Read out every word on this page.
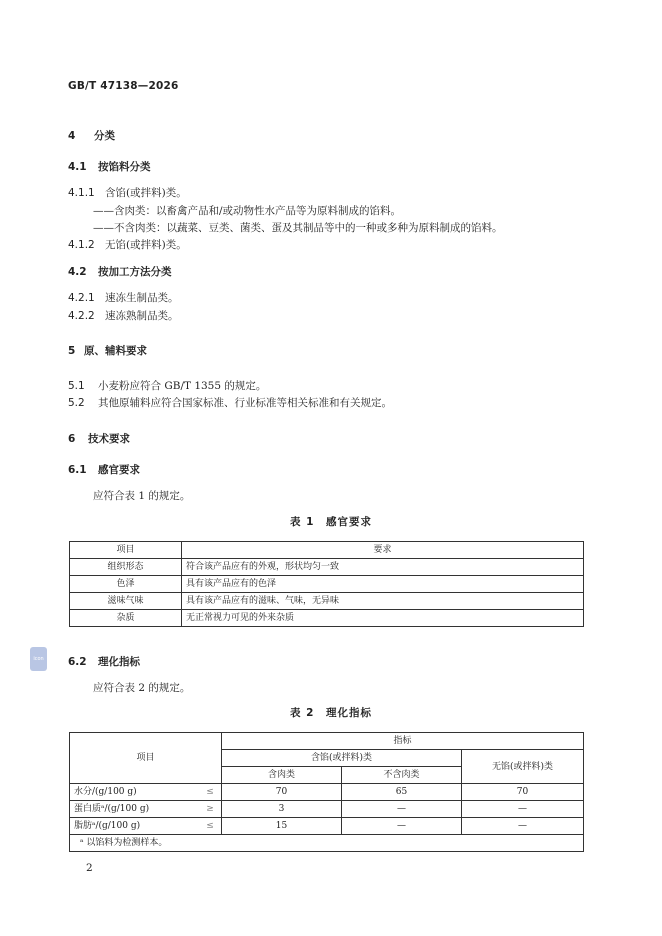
GB/T 47138—2026
4 分类
4.1 按馅料分类
4.1.1 含馅(或拌料)类。
——含肉类：以畜禽产品和/或动物性水产品等为原料制成的馅料。
——不含肉类：以蔬菜、豆类、菌类、蛋及其制品等中的一种或多种为原料制成的馅料。
4.1.2 无馅(或拌料)类。
4.2 按加工方法分类
4.2.1 速冻生制品类。
4.2.2 速冻熟制品类。
5 原、辅料要求
5.1 小麦粉应符合 GB/T 1355 的规定。
5.2 其他原辅料应符合国家标准、行业标准等相关标准和有关规定。
6 技术要求
6.1 感官要求
应符合表 1 的规定。
表 1　感官要求
项目	要求
组织形态	符合该产品应有的外观，形状均匀一致
色泽	具有该产品应有的色泽
滋味气味	具有该产品应有的滋味、气味，无异味
杂质	无正常视力可见的外来杂质
icon	6.2 理化指标
应符合表 2 的规定。
表 2　理化指标
项目	指标		
	含馅(或拌料)类		无馅(或拌料)类
	含肉类	不含肉类	
水分/(g/100 g) ≤	70	65	70
蛋白质ᵃ/(g/100 g) ≥	3	—	—
脂肪ᵃ/(g/100 g) ≤	15	—	—
ᵃ 以馅料为检测样本。			
2
